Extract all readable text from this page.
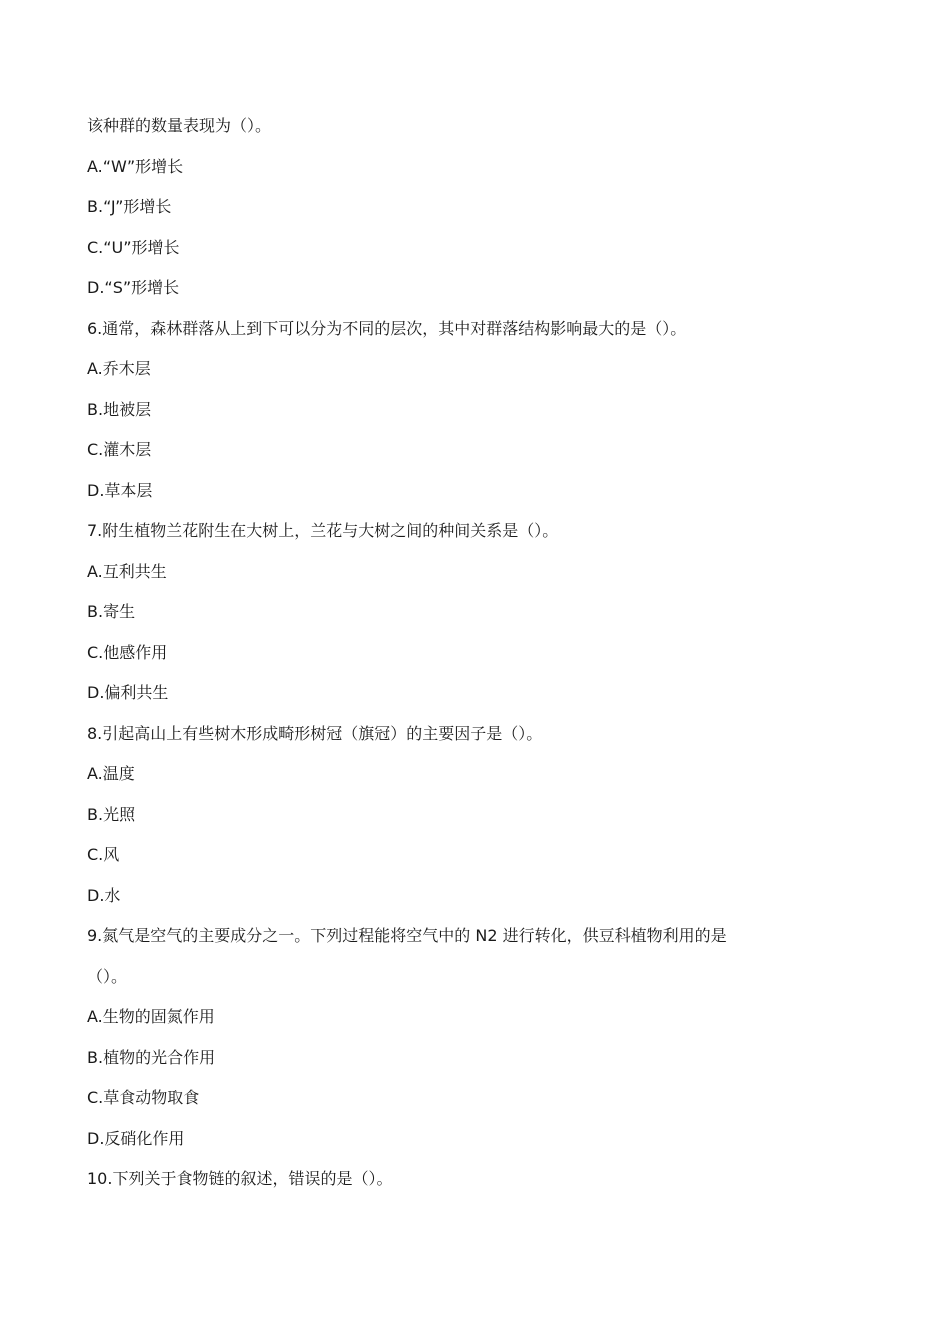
该种群的数量表现为（）。
A.“W”形增长
B.“J”形增长
C.“U”形增长
D.“S”形增长
6.通常，森林群落从上到下可以分为不同的层次，其中对群落结构影响最大的是（）。
A.乔木层
B.地被层
C.灌木层
D.草本层
7.附生植物兰花附生在大树上，兰花与大树之间的种间关系是（）。
A.互利共生
B.寄生
C.他感作用
D.偏利共生
8.引起高山上有些树木形成畸形树冠（旗冠）的主要因子是（）。
A.温度
B.光照
C.风
D.水
9.氮气是空气的主要成分之一。下列过程能将空气中的 N2 进行转化，供豆科植物利用的是
（）。
A.生物的固氮作用
B.植物的光合作用
C.草食动物取食
D.反硝化作用
10.下列关于食物链的叙述，错误的是（）。
